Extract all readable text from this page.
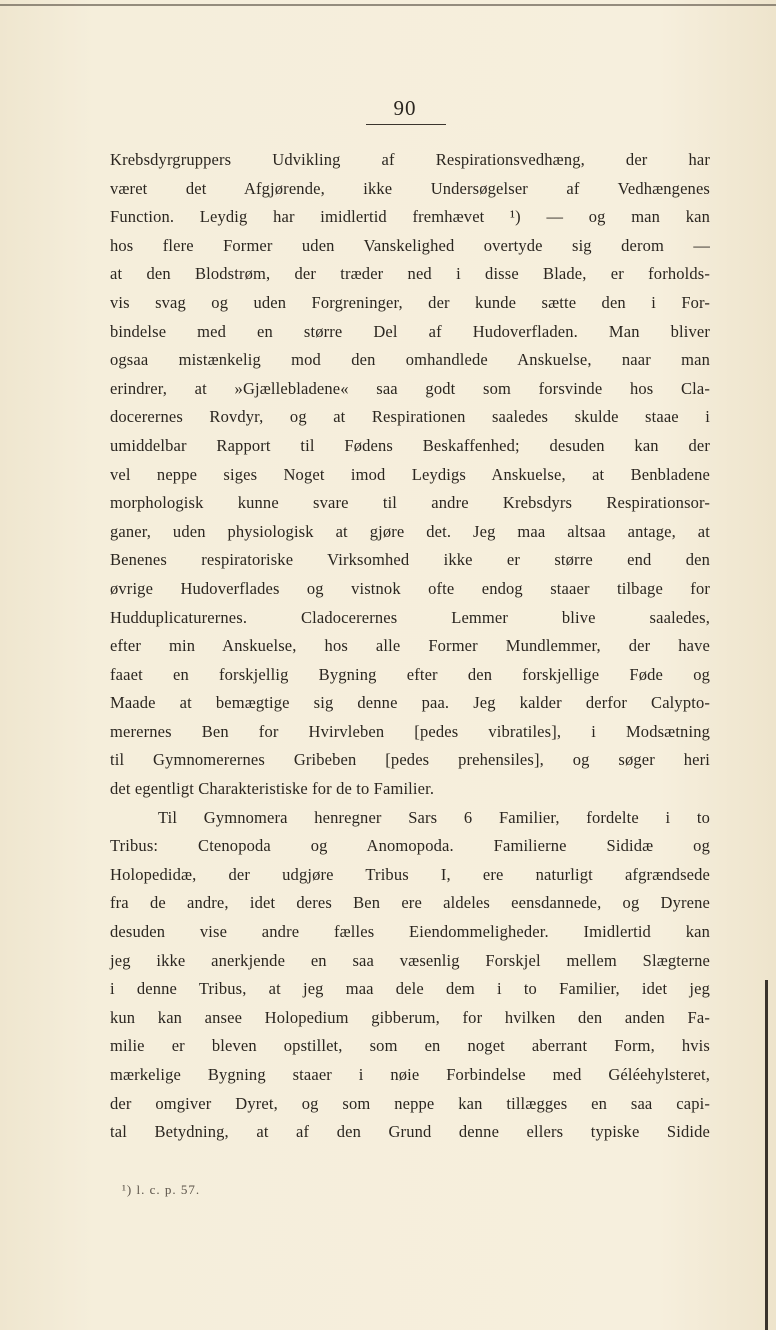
90
Krebsdyrgruppers Udvikling af Respirationsvedhæng, der har
været det Afgjørende, ikke Undersøgelser af Vedhængenes
Function. Leydig har imidlertid fremhævet ¹) — og man kan
hos flere Former uden Vanskelighed overtyde sig derom —
at den Blodstrøm, der træder ned i disse Blade, er forholds-
vis svag og uden Forgreninger, der kunde sætte den i For-
bindelse med en større Del af Hudoverfladen. Man bliver
ogsaa mistænkelig mod den omhandlede Anskuelse, naar man
erindrer, at »Gjællebladene« saa godt som forsvinde hos Cla-
docerernes Rovdyr, og at Respirationen saaledes skulde staae i
umiddelbar Rapport til Fødens Beskaffenhed; desuden kan der
vel neppe siges Noget imod Leydigs Anskuelse, at Benbladene
morphologisk kunne svare til andre Krebsdyrs Respirationsor-
ganer, uden physiologisk at gjøre det. Jeg maa altsaa antage, at
Benenes respiratoriske Virksomhed ikke er større end den
øvrige Hudoverflades og vistnok ofte endog staaer tilbage for
Hudduplicaturernes. Cladocerernes Lemmer blive saaledes,
efter min Anskuelse, hos alle Former Mundlemmer, der have
faaet en forskjellig Bygning efter den forskjellige Føde og
Maade at bemægtige sig denne paa. Jeg kalder derfor Calypto-
merernes Ben for Hvirvleben [pedes vibratiles], i Modsætning
til Gymnomerernes Gribeben [pedes prehensiles], og søger heri
det egentligt Charakteristiske for de to Familier.
Til Gymnomera henregner Sars 6 Familier, fordelte i to
Tribus: Ctenopoda og Anomopoda. Familierne Sididæ og
Holopedidæ, der udgjøre Tribus I, ere naturligt afgrændsede
fra de andre, idet deres Ben ere aldeles eensdannede, og Dyrene
desuden vise andre fælles Eiendommeligheder. Imidlertid kan
jeg ikke anerkjende en saa væsenlig Forskjel mellem Slægterne
i denne Tribus, at jeg maa dele dem i to Familier, idet jeg
kun kan ansee Holopedium gibberum, for hvilken den anden Fa-
milie er bleven opstillet, som en noget aberrant Form, hvis
mærkelige Bygning staaer i nøie Forbindelse med Géléehylsteret,
der omgiver Dyret, og som neppe kan tillægges en saa capi-
tal Betydning, at af den Grund denne ellers typiske Sidide
¹) l. c. p. 57.
